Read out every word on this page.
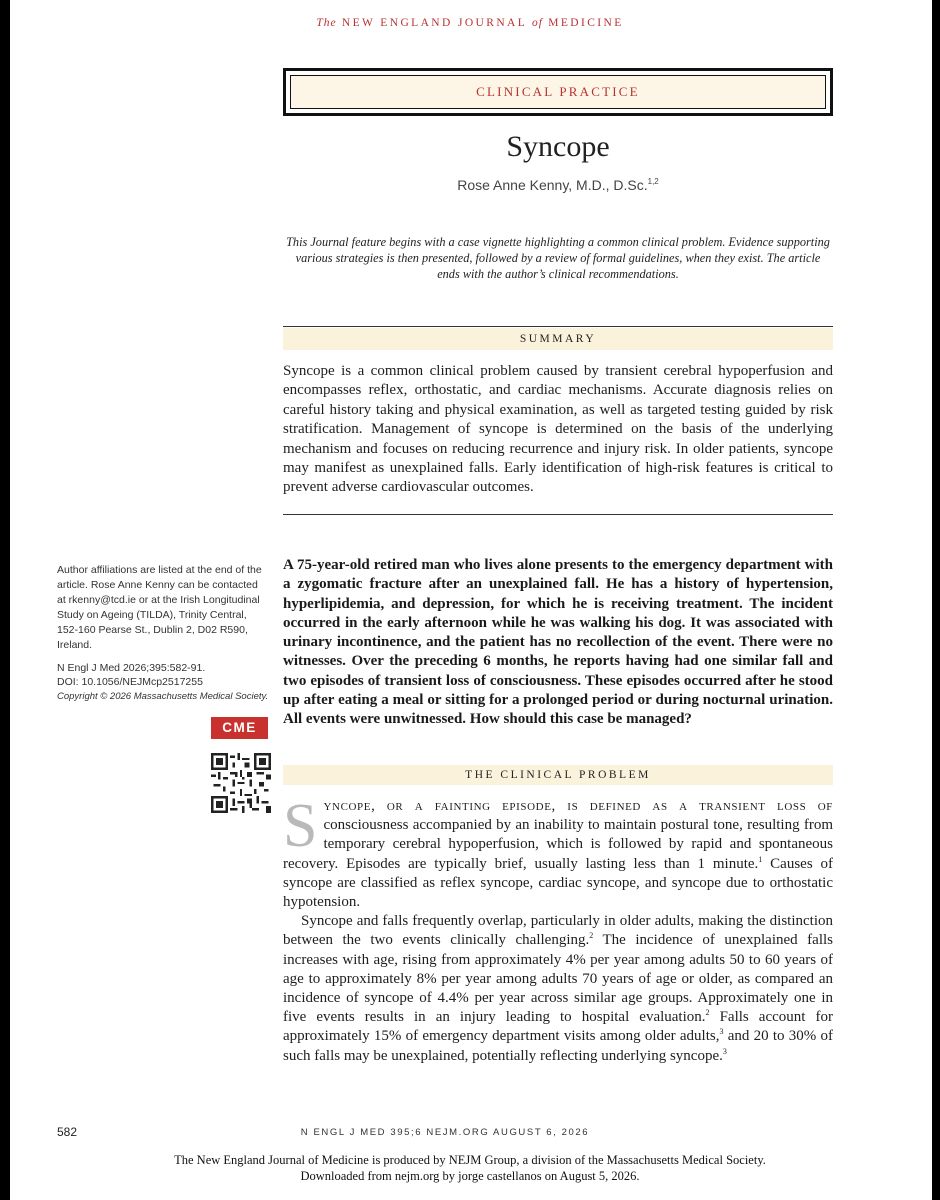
The NEW ENGLAND JOURNAL of MEDICINE
CLINICAL PRACTICE
Syncope
Rose Anne Kenny, M.D., D.Sc.$^{1,2}$
This Journal feature begins with a case vignette highlighting a common clinical problem. Evidence supporting various strategies is then presented, followed by a review of formal guidelines, when they exist. The article ends with the author’s clinical recommendations.
SUMMARY
Syncope is a common clinical problem caused by transient cerebral hypoperfusion and encompasses reflex, orthostatic, and cardiac mechanisms. Accurate diagnosis relies on careful history taking and physical examination, as well as targeted testing guided by risk stratification. Management of syncope is determined on the basis of the underlying mechanism and focuses on reducing recurrence and injury risk. In older patients, syncope may manifest as unexplained falls. Early identification of high-risk features is critical to prevent adverse cardiovascular outcomes.

Author affiliations are listed at the end of the article. Rose Anne Kenny can be contacted at rkenny@tcd.ie or at the Irish Longitudinal Study on Ageing (TILDA), Trinity Central, 152-160 Pearse St., Dublin 2, D02 R590, Ireland.

N Engl J Med 2026;395:582-91.
DOI: 10.1056/NEJMcp2517255
Copyright © 2026 Massachusetts Medical Society.

CME
A 75-year-old retired man who lives alone presents to the emergency department with a zygomatic fracture after an unexplained fall. He has a history of hypertension, hyperlipidemia, and depression, for which he is receiving treatment. The incident occurred in the early afternoon while he was walking his dog. It was associated with urinary incontinence, and the patient has no recollection of the event. There were no witnesses. Over the preceding 6 months, he reports having had one similar fall and two episodes of transient loss of consciousness. These episodes occurred after he stood up after eating a meal or sitting for a prolonged period or during nocturnal urination. All events were unwitnessed. How should this case be managed?
THE CLINICAL PROBLEM

Syncope, or a fainting episode, is defined as a transient loss of consciousness accompanied by an inability to maintain postural tone, resulting from temporary cerebral hypoperfusion, which is followed by rapid and spontaneous recovery. Episodes are typically brief, usually lasting less than 1 minute.$^1$ Causes of syncope are classified as reflex syncope, cardiac syncope, and syncope due to orthostatic hypotension.

Syncope and falls frequently overlap, particularly in older adults, making the distinction between the two events clinically challenging.$^2$ The incidence of unexplained falls increases with age, rising from approximately 4% per year among adults 50 to 60 years of age to approximately 8% per year among adults 70 years of age or older, as compared an incidence of syncope of 4.4% per year across similar age groups. Approximately one in five events results in an injury leading to hospital evaluation.$^2$ Falls account for approximately 15% of emergency department visits among older adults,$^3$ and 20 to 30% of such falls may be unexplained, potentially reflecting underlying syncope.$^3$

582	N ENGL J MED 395;6 NEJM.ORG AUGUST 6, 2026
The New England Journal of Medicine is produced by NEJM Group, a division of the Massachusetts Medical Society.
Downloaded from nejm.org by jorge castellanos on August 5, 2026.
